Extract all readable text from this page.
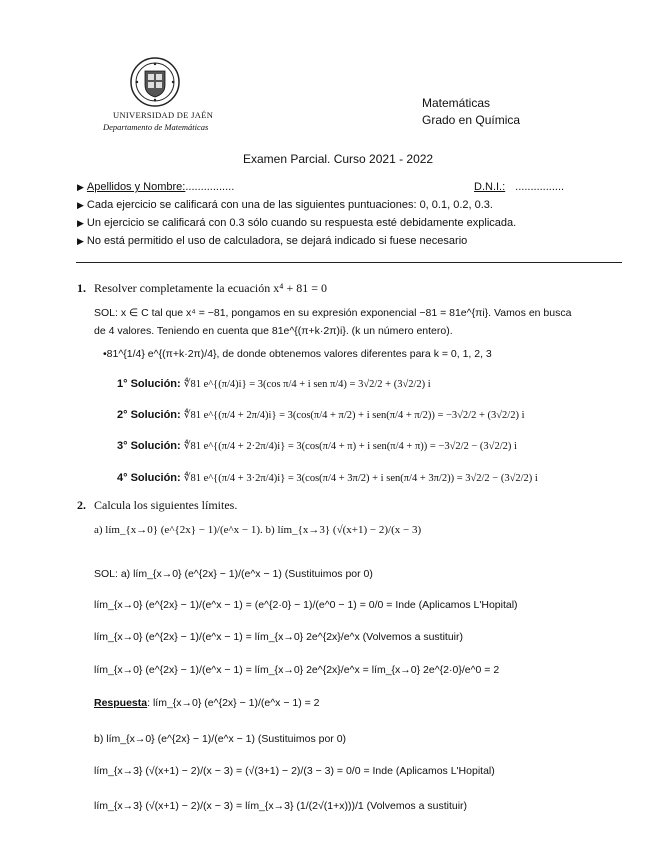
UNIVERSIDAD DE JAÉN
Departamento de Matemáticas
Matemáticas
Grado en Química
Examen Parcial. Curso 2021 - 2022
▶ Apellidos y Nombre:................	D.N.I.: ................
▶ Cada ejercicio se calificará con una de las siguientes puntuaciones: 0, 0.1, 0.2, 0.3.
▶ Un ejercicio se calificará con 0.3 sólo cuando su respuesta esté debidamente explicada.
▶ No está permitido el uso de calculadora, se dejará indicado si fuese necesario
1. Resolver completamente la ecuación x⁴ + 81 = 0
SOL: x ∈ C tal que x⁴ = −81, pongamos en su expresión exponencial −81 = 81e^{πi}. Vamos en busca
de 4 valores. Teniendo en cuenta que 81e^{(π+k·2π)i}. (k un número entero).
•81^{1/4} e^{(π+k·2π)/4}, de donde obtenemos valores diferentes para k = 0, 1, 2, 3
1° Solución: ∜81 e^{(π/4)i} = 3(cos π/4 + i sen π/4) = 3√2/2 + (3√2/2) i
2° Solución: ∜81 e^{(π/4 + 2π/4)i} = 3(cos(π/4 + π/2) + i sen(π/4 + π/2)) = −3√2/2 + (3√2/2) i
3° Solución: ∜81 e^{(π/4 + 2·2π/4)i} = 3(cos(π/4 + π) + i sen(π/4 + π)) = −3√2/2 − (3√2/2) i
4° Solución: ∜81 e^{(π/4 + 3·2π/4)i} = 3(cos(π/4 + 3π/2) + i sen(π/4 + 3π/2)) = 3√2/2 − (3√2/2) i
2. Calcula los siguientes límites.
a) lím_{x→0} (e^{2x} − 1)/(e^x − 1). b) lím_{x→3} (√(x+1) − 2)/(x − 3)
SOL: a) lím_{x→0} (e^{2x} − 1)/(e^x − 1) (Sustituimos por 0)
lím_{x→0} (e^{2x} − 1)/(e^x − 1) = (e^{2·0} − 1)/(e^0 − 1) = 0/0 = Inde (Aplicamos L'Hopital)
lím_{x→0} (e^{2x} − 1)/(e^x − 1) = lím_{x→0} 2e^{2x}/e^x (Volvemos a sustituir)
lím_{x→0} (e^{2x} − 1)/(e^x − 1) = lím_{x→0} 2e^{2x}/e^x = lím_{x→0} 2e^{2·0}/e^0 = 2
Respuesta: lím_{x→0} (e^{2x} − 1)/(e^x − 1) = 2
b) lím_{x→0} (e^{2x} − 1)/(e^x − 1) (Sustituimos por 0)
lím_{x→3} (√(x+1) − 2)/(x − 3) = (√(3+1) − 2)/(3 − 3) = 0/0 = Inde (Aplicamos L'Hopital)
lím_{x→3} (√(x+1) − 2)/(x − 3) = lím_{x→3} (1/(2√(1+x)))/1 (Volvemos a sustituir)
